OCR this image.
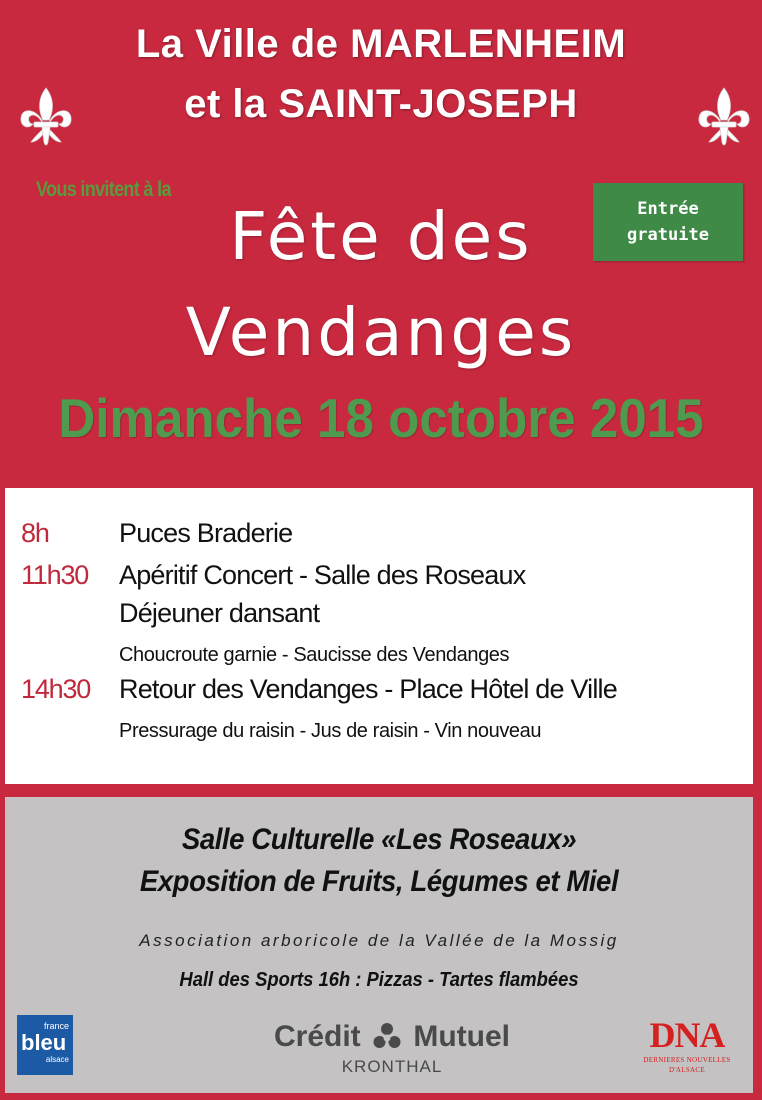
La Ville de MARLENHEIM
et la SAINT-JOSEPH
Vous invitent à la
Entrée
gratuite
Fête des
Vendanges
Dimanche 18 octobre 2015
8h	Puces Braderie
11h30 Apéritif Concert - Salle des Roseaux
Déjeuner dansant
Choucroute garnie - Saucisse des Vendanges
14h30 Retour des Vendanges - Place Hôtel de Ville
Pressurage du raisin - Jus de raisin - Vin nouveau
Salle Culturelle «Les Roseaux»
Exposition de Fruits, Légumes et Miel
Association arboricole de la Vallée de la Mossig
Hall des Sports 16h : Pizzas - Tartes flambées
france
bleu
alsace
Crédit Mutuel
KRONTHAL
DNA
DERNIERES NOUVELLES D'ALSACE
